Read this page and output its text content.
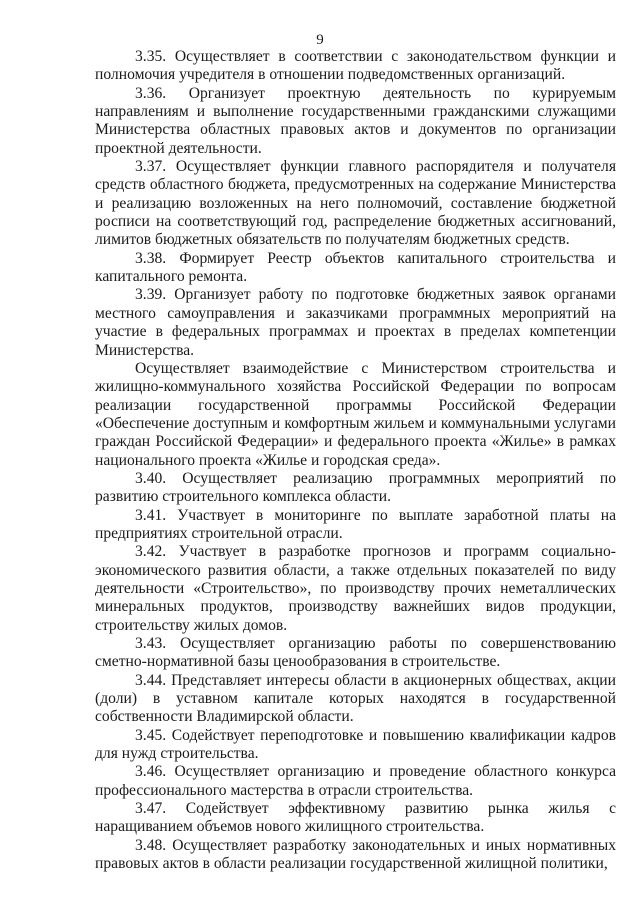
9

3.35. Осуществляет в соответствии с законодательством функции и полномочия учредителя в отношении подведомственных организаций.

3.36. Организует проектную деятельность по курируемым направлениям и выполнение государственными гражданскими служащими Министерства областных правовых актов и документов по организации проектной деятельности.

3.37. Осуществляет функции главного распорядителя и получателя средств областного бюджета, предусмотренных на содержание Министерства и реализацию возложенных на него полномочий, составление бюджетной росписи на соответствующий год, распределение бюджетных ассигнований, лимитов бюджетных обязательств по получателям бюджетных средств.

3.38. Формирует Реестр объектов капитального строительства и капитального ремонта.

3.39. Организует работу по подготовке бюджетных заявок органами местного самоуправления и заказчиками программных мероприятий на участие в федеральных программах и проектах в пределах компетенции Министерства.

Осуществляет взаимодействие с Министерством строительства и жилищно-коммунального хозяйства Российской Федерации по вопросам реализации государственной программы Российской Федерации «Обеспечение доступным и комфортным жильем и коммунальными услугами граждан Российской Федерации» и федерального проекта «Жилье» в рамках национального проекта «Жилье и городская среда».

3.40. Осуществляет реализацию программных мероприятий по развитию строительного комплекса области.

3.41. Участвует в мониторинге по выплате заработной платы на предприятиях строительной отрасли.

3.42. Участвует в разработке прогнозов и программ социально-экономического развития области, а также отдельных показателей по виду деятельности «Строительство», по производству прочих неметаллических минеральных продуктов, производству важнейших видов продукции, строительству жилых домов.

3.43. Осуществляет организацию работы по совершенствованию сметно-нормативной базы ценообразования в строительстве.

3.44. Представляет интересы области в акционерных обществах, акции (доли) в уставном капитале которых находятся в государственной собственности Владимирской области.

3.45. Содействует переподготовке и повышению квалификации кадров для нужд строительства.

3.46. Осуществляет организацию и проведение областного конкурса профессионального мастерства в отрасли строительства.

3.47. Содействует эффективному развитию рынка жилья с наращиванием объемов нового жилищного строительства.

3.48. Осуществляет разработку законодательных и иных нормативных правовых актов в области реализации государственной жилищной политики,
